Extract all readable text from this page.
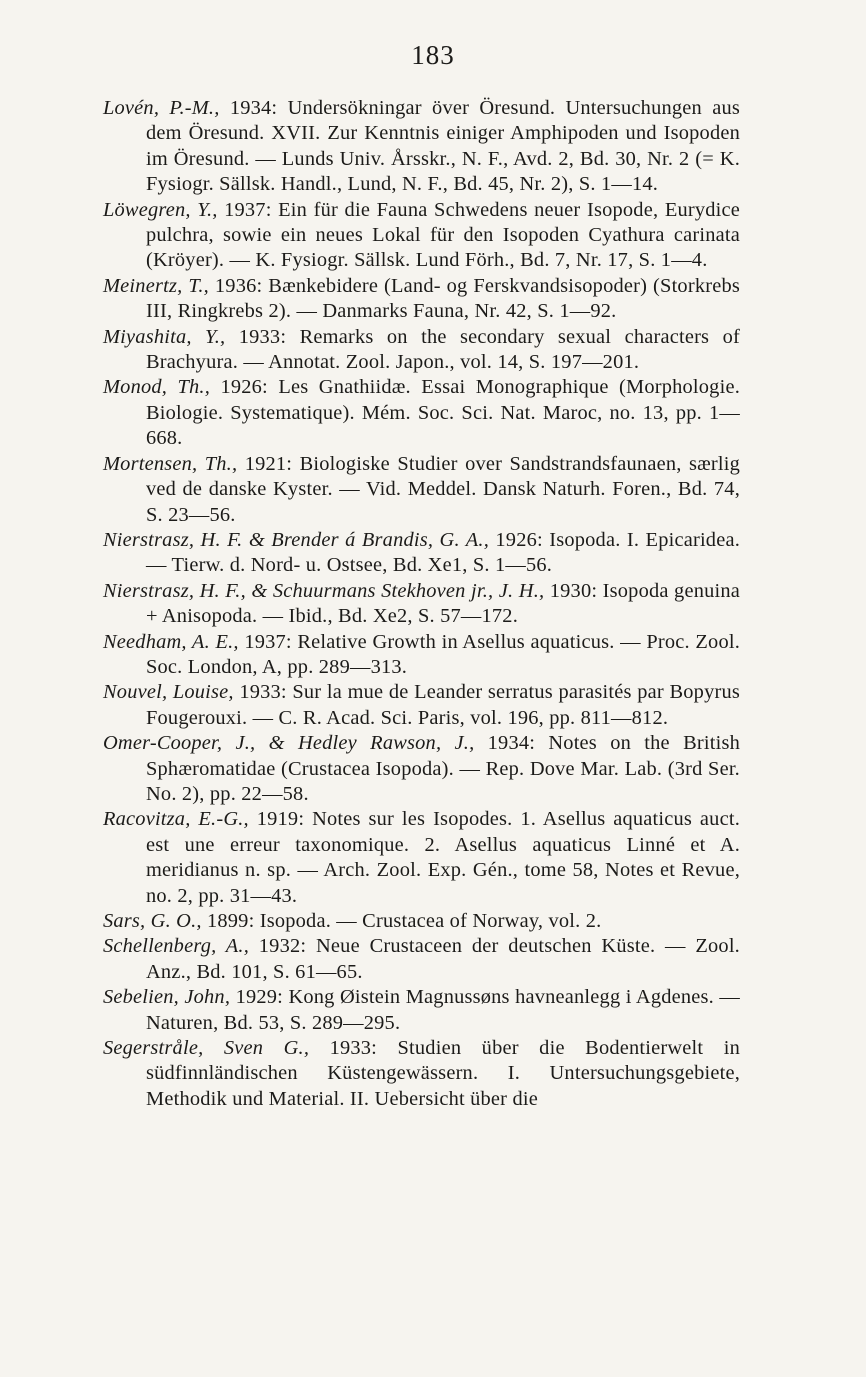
183

Lovén, P.-M., 1934: Undersökningar över Öresund. Untersuchungen aus dem Öresund. XVII. Zur Kenntnis einiger Amphipoden und Isopoden im Öresund. — Lunds Univ. Årsskr., N. F., Avd. 2, Bd. 30, Nr. 2 (= K. Fysiogr. Sällsk. Handl., Lund, N. F., Bd. 45, Nr. 2), S. 1—14.

Löwegren, Y., 1937: Ein für die Fauna Schwedens neuer Isopode, Eurydice pulchra, sowie ein neues Lokal für den Isopoden Cyathura carinata (Kröyer). — K. Fysiogr. Sällsk. Lund Förh., Bd. 7, Nr. 17, S. 1—4.

Meinertz, T., 1936: Bænkebidere (Land- og Ferskvandsisopoder) (Storkrebs III, Ringkrebs 2). — Danmarks Fauna, Nr. 42, S. 1—92.

Miyashita, Y., 1933: Remarks on the secondary sexual characters of Brachyura. — Annotat. Zool. Japon., vol. 14, S. 197—201.

Monod, Th., 1926: Les Gnathiidæ. Essai Monographique (Morphologie. Biologie. Systematique). Mém. Soc. Sci. Nat. Maroc, no. 13, pp. 1—668.

Mortensen, Th., 1921: Biologiske Studier over Sandstrandsfaunaen, særlig ved de danske Kyster. — Vid. Meddel. Dansk Naturh. Foren., Bd. 74, S. 23—56.

Nierstrasz, H. F. & Brender á Brandis, G. A., 1926: Isopoda. I. Epicaridea. — Tierw. d. Nord- u. Ostsee, Bd. Xe1, S. 1—56.

Nierstrasz, H. F., & Schuurmans Stekhoven jr., J. H., 1930: Isopoda genuina + Anisopoda. — Ibid., Bd. Xe2, S. 57—172.

Needham, A. E., 1937: Relative Growth in Asellus aquaticus. — Proc. Zool. Soc. London, A, pp. 289—313.

Nouvel, Louise, 1933: Sur la mue de Leander serratus parasités par Bopyrus Fougerouxi. — C. R. Acad. Sci. Paris, vol. 196, pp. 811—812.

Omer-Cooper, J., & Hedley Rawson, J., 1934: Notes on the British Sphæromatidae (Crustacea Isopoda). — Rep. Dove Mar. Lab. (3rd Ser. No. 2), pp. 22—58.

Racovitza, E.-G., 1919: Notes sur les Isopodes. 1. Asellus aquaticus auct. est une erreur taxonomique. 2. Asellus aquaticus Linné et A. meridianus n. sp. — Arch. Zool. Exp. Gén., tome 58, Notes et Revue, no. 2, pp. 31—43.

Sars, G. O., 1899: Isopoda. — Crustacea of Norway, vol. 2.

Schellenberg, A., 1932: Neue Crustaceen der deutschen Küste. — Zool. Anz., Bd. 101, S. 61—65.

Sebelien, John, 1929: Kong Øistein Magnussøns havneanlegg i Agdenes. — Naturen, Bd. 53, S. 289—295.

Segerstråle, Sven G., 1933: Studien über die Bodentierwelt in südfinnländischen Küstengewässern. I. Untersuchungsgebiete, Methodik und Material. II. Uebersicht über die
